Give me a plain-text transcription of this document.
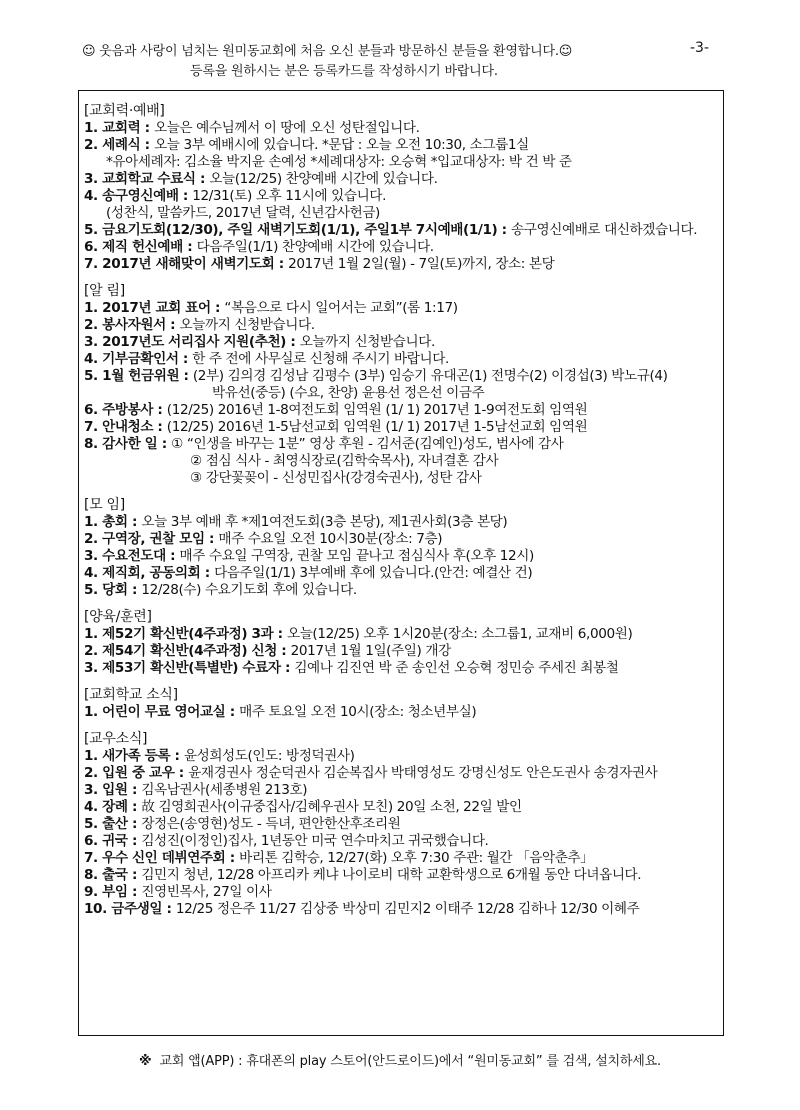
☺ 웃음과 사랑이 넘치는 원미동교회에 처음 오신 분들과 방문하신 분들을 환영합니다.☺
등록을 원하시는 분은 등록카드를 작성하시기 바랍니다.
-3-
[교회력·예배]
1. 교회력 : 오늘은 예수님께서 이 땅에 오신 성탄절입니다.
2. 세례식 : 오늘 3부 예배시에 있습니다. *문답 : 오늘 오전 10:30, 소그룹1실
*유아세례자: 김소율 박지윤 손예성 *세례대상자: 오승혁 *입교대상자: 박 건 박 준
3. 교회학교 수료식 : 오늘(12/25) 찬양예배 시간에 있습니다.
4. 송구영신예배 : 12/31(토) 오후 11시에 있습니다.
(성찬식, 말씀카드, 2017년 달력, 신년감사헌금)
5. 금요기도회(12/30), 주일 새벽기도회(1/1), 주일1부 7시예배(1/1) : 송구영신예배로 대신하겠습니다.
6. 제직 헌신예배 : 다음주일(1/1) 찬양예배 시간에 있습니다.
7. 2017년 새해맞이 새벽기도회 : 2017년 1월 2일(월) - 7일(토)까지, 장소: 본당
[알 림]
1. 2017년 교회 표어 : “복음으로 다시 일어서는 교회”(롬 1:17)
2. 봉사자원서 : 오늘까지 신청받습니다.
3. 2017년도 서리집사 지원(추천) : 오늘까지 신청받습니다.
4. 기부금확인서 : 한 주 전에 사무실로 신청해 주시기 바랍니다.
5. 1월 헌금위원 : (2부) 김의경 김성남 김평수 (3부) 임승기 유대곤(1) 전명수(2) 이경섭(3) 박노규(4)
박유선(중등) (수요, 찬양) 윤용선 정은선 이금주
6. 주방봉사 : (12/25) 2016년 1-8여전도회 임역원 (1/ 1) 2017년 1-9여전도회 임역원
7. 안내청소 : (12/25) 2016년 1-5남선교회 임역원 (1/ 1) 2017년 1-5남선교회 임역원
8. 감사한 일 : ① “인생을 바꾸는 1분” 영상 후원 - 김서준(김예인)성도, 범사에 감사
② 점심 식사 - 최영식장로(김학숙목사), 자녀결혼 감사
③ 강단꽃꽂이 - 신성민집사(강경숙권사), 성탄 감사
[모 임]
1. 총회 : 오늘 3부 예배 후 *제1여전도회(3층 본당), 제1권사회(3층 본당)
2. 구역장, 권찰 모임 : 매주 수요일 오전 10시30분(장소: 7층)
3. 수요전도대 : 매주 수요일 구역장, 권찰 모임 끝나고 점심식사 후(오후 12시)
4. 제직회, 공동의회 : 다음주일(1/1) 3부예배 후에 있습니다.(안건: 예결산 건)
5. 당회 : 12/28(수) 수요기도회 후에 있습니다.
[양육/훈련]
1. 제52기 확신반(4주과정) 3과 : 오늘(12/25) 오후 1시20분(장소: 소그룹1, 교재비 6,000원)
2. 제54기 확신반(4주과정) 신청 : 2017년 1월 1일(주일) 개강
3. 제53기 확신반(특별반) 수료자 : 김예나 김진연 박 준 송인선 오승혁 정민승 주세진 최봉철
[교회학교 소식]
1. 어린이 무료 영어교실 : 매주 토요일 오전 10시(장소: 청소년부실)
[교우소식]
1. 새가족 등록 : 윤성희성도(인도: 방정덕권사)
2. 입원 중 교우 : 윤재경권사 정순덕권사 김순복집사 박태영성도 강명신성도 안은도권사 송경자권사
3. 입원 : 김옥남권사(세종병원 213호)
4. 장례 : 故 김영희권사(이규중집사/김혜우권사 모친) 20일 소천, 22일 발인
5. 출산 : 장정은(송영현)성도 - 득녀, 편안한산후조리원
6. 귀국 : 김성진(이정인)집사, 1년동안 미국 연수마치고 귀국했습니다.
7. 우수 신인 데뷔연주회 : 바리톤 김학승, 12/27(화) 오후 7:30 주관: 월간 「음악춘추」
8. 출국 : 김민지 청년, 12/28 아프리카 케냐 나이로비 대학 교환학생으로 6개월 동안 다녀옵니다.
9. 부임 : 진영빈목사, 27일 이사
10. 금주생일 : 12/25 정은주 11/27 김상중 박상미 김민지2 이태주 12/28 김하나 12/30 이혜주
※ 교회 앱(APP) : 휴대폰의 play 스토어(안드로이드)에서 “원미동교회” 를 검색, 설치하세요.
